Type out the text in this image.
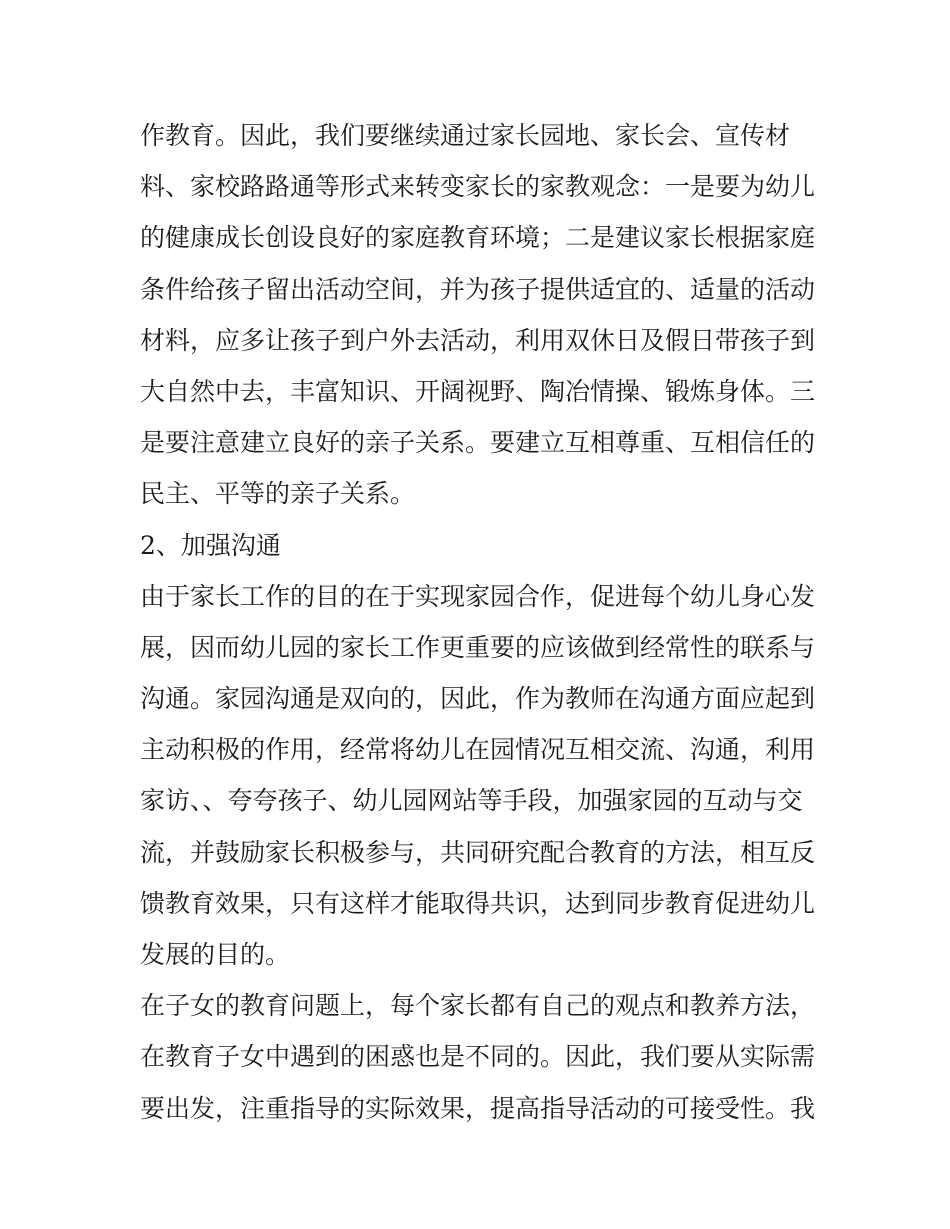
作教育。因此，我们要继续通过家长园地、家长会、宣传材

料、家校路路通等形式来转变家长的家教观念：一是要为幼儿

的健康成长创设良好的家庭教育环境；二是建议家长根据家庭

条件给孩子留出活动空间，并为孩子提供适宜的、适量的活动

材料，应多让孩子到户外去活动，利用双休日及假日带孩子到

大自然中去，丰富知识、开阔视野、陶冶情操、锻炼身体。三

是要注意建立良好的亲子关系。要建立互相尊重、互相信任的

民主、平等的亲子关系。

2、加强沟通

由于家长工作的目的在于实现家园合作，促进每个幼儿身心发

展，因而幼儿园的家长工作更重要的应该做到经常性的联系与

沟通。家园沟通是双向的，因此，作为教师在沟通方面应起到

主动积极的作用，经常将幼儿在园情况互相交流、沟通，利用

家访、、夸夸孩子、幼儿园网站等手段，加强家园的互动与交

流，并鼓励家长积极参与，共同研究配合教育的方法，相互反

馈教育效果，只有这样才能取得共识，达到同步教育促进幼儿

发展的目的。

在子女的教育问题上，每个家长都有自己的观点和教养方法，

在教育子女中遇到的困惑也是不同的。因此，我们要从实际需

要出发，注重指导的实际效果，提高指导活动的可接受性。我
